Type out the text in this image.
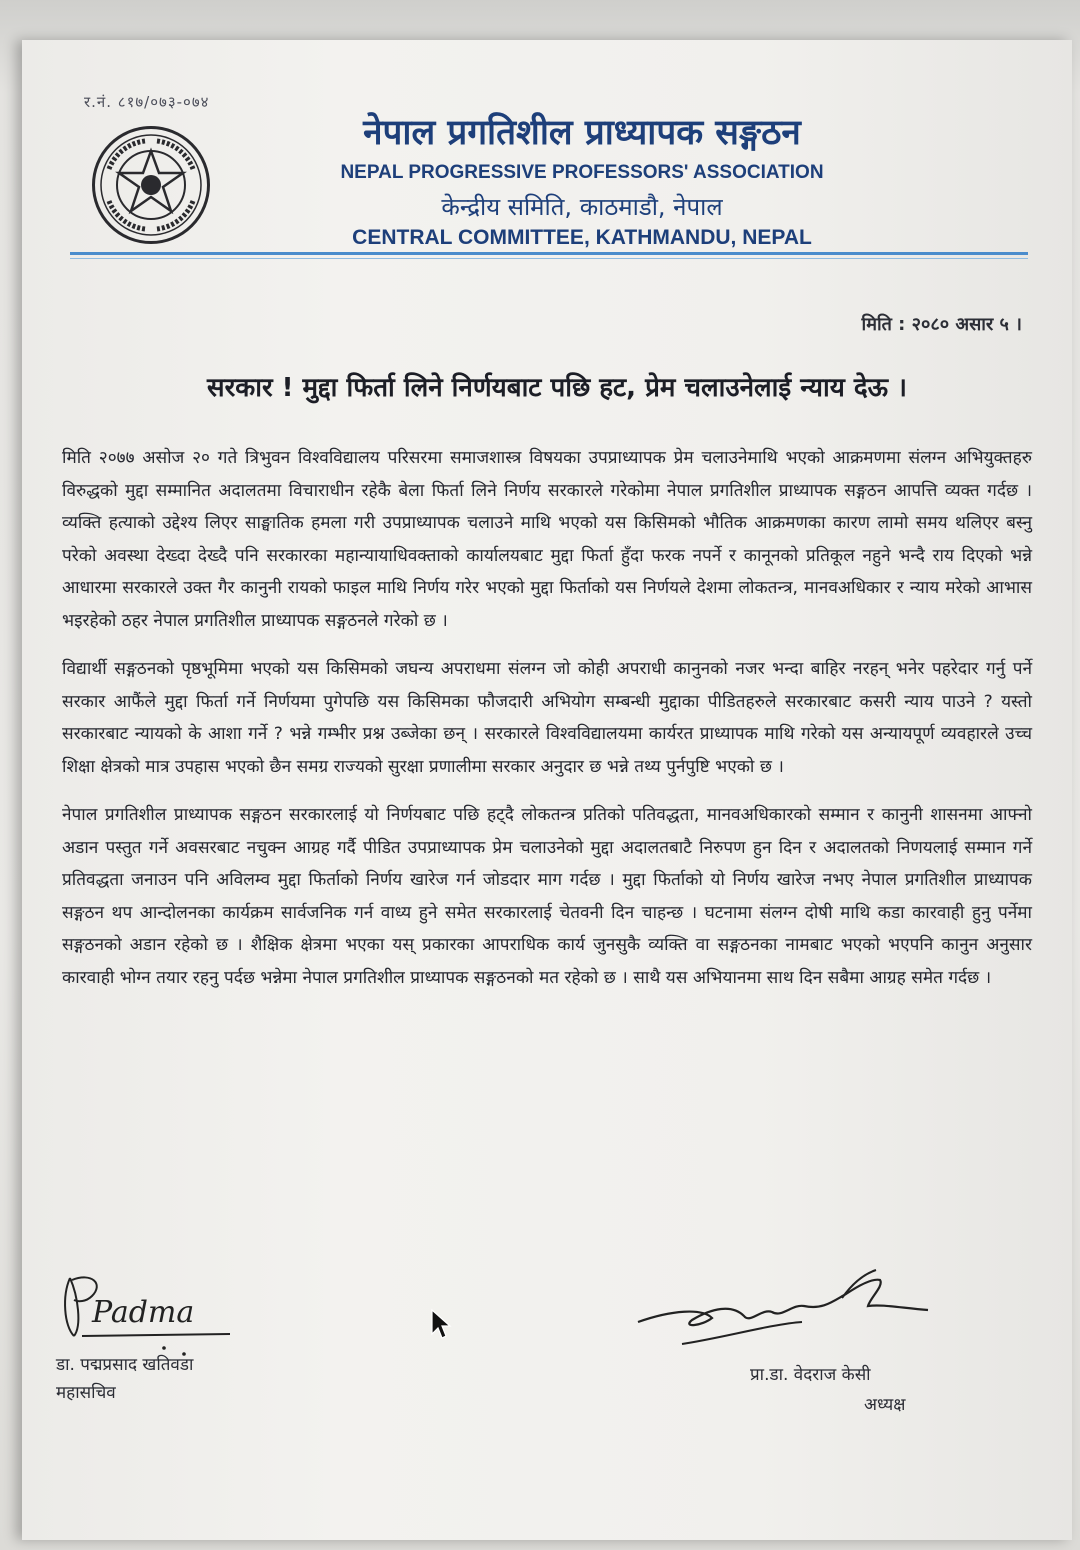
र.नं. ८१७/०७३-०७४
नेपाल प्रगतिशील प्राध्यापक सङ्गठन
NEPAL PROGRESSIVE PROFESSORS' ASSOCIATION
केन्द्रीय समिति, काठमाडौ, नेपाल
CENTRAL COMMITTEE, KATHMANDU, NEPAL
मिति : २०८० असार ५ ।
सरकार ! मुद्दा फिर्ता लिने निर्णयबाट पछि हट, प्रेम चलाउनेलाई न्याय देऊ ।

मिति २०७७ असोज २० गते त्रिभुवन विश्वविद्यालय परिसरमा समाजशास्त्र विषयका उपप्राध्यापक प्रेम चलाउनेमाथि भएको आक्रमणमा संलग्न अभियुक्तहरु विरुद्धको मुद्दा सम्मानित अदालतमा विचाराधीन रहेकै बेला फिर्ता लिने निर्णय सरकारले गरेकोमा नेपाल प्रगतिशील प्राध्यापक सङ्गठन आपत्ति व्यक्त गर्दछ । व्यक्ति हत्याको उद्देश्य लिएर साङ्घातिक हमला गरी उपप्राध्यापक चलाउने माथि भएको यस किसिमको भौतिक आक्रमणका कारण लामो समय थलिएर बस्नु परेको अवस्था देख्दा देख्दै पनि सरकारका महान्यायाधिवक्ताको कार्यालयबाट मुद्दा फिर्ता हुँदा फरक नपर्ने र कानूनको प्रतिकूल नहुने भन्दै राय दिएको भन्ने आधारमा सरकारले उक्त गैर कानुनी रायको फाइल माथि निर्णय गरेर भएको मुद्दा फिर्ताको यस निर्णयले देशमा लोकतन्त्र, मानवअधिकार र न्याय मरेको आभास भइरहेको ठहर नेपाल प्रगतिशील प्राध्यापक सङ्गठनले गरेको छ ।

विद्यार्थी सङ्गठनको पृष्ठभूमिमा भएको यस किसिमको जघन्य अपराधमा संलग्न जो कोही अपराधी कानुनको नजर भन्दा बाहिर नरहन् भनेर पहरेदार गर्नु पर्ने सरकार आफैंले मुद्दा फिर्ता गर्ने निर्णयमा पुगेपछि यस किसिमका फौजदारी अभियोग सम्बन्धी मुद्दाका पीडितहरुले सरकारबाट कसरी न्याय पाउने ? यस्तो सरकारबाट न्यायको के आशा गर्ने ? भन्ने गम्भीर प्रश्न उब्जेका छन् । सरकारले विश्वविद्यालयमा कार्यरत प्राध्यापक माथि गरेको यस अन्यायपूर्ण व्यवहारले उच्च शिक्षा क्षेत्रको मात्र उपहास भएको छैन समग्र राज्यको सुरक्षा प्रणालीमा सरकार अनुदार छ भन्ने तथ्य पुर्नपुष्टि भएको छ ।

नेपाल प्रगतिशील प्राध्यापक सङ्गठन सरकारलाई यो निर्णयबाट पछि हट्दै लोकतन्त्र प्रतिको पतिवद्धता, मानवअधिकारको सम्मान र कानुनी शासनमा आफ्नो अडान पस्तुत गर्ने अवसरबाट नचुक्न आग्रह गर्दै पीडित उपप्राध्यापक प्रेम चलाउनेको मुद्दा अदालतबाटै निरुपण हुन दिन र अदालतको निणयलाई सम्मान गर्ने प्रतिवद्धता जनाउन पनि अविलम्व मुद्दा फिर्ताको निर्णय खारेज गर्न जोडदार माग गर्दछ । मुद्दा फिर्ताको यो निर्णय खारेज नभए नेपाल प्रगतिशील प्राध्यापक सङ्गठन थप आन्दोलनका कार्यक्रम सार्वजनिक गर्न वाध्य हुने समेत सरकारलाई चेतवनी दिन चाहन्छ । घटनामा संलग्न दोषी माथि कडा कारवाही हुनु पर्नेमा सङ्गठनको अडान रहेको छ । शैक्षिक क्षेत्रमा भएका यस् प्रकारका आपराधिक कार्य जुनसुकै व्यक्ति वा सङ्गठनका नामबाट भएको भएपनि कानुन अनुसार कारवाही भोग्न तयार रहनु पर्दछ भन्नेमा नेपाल प्रगतिशील प्राध्यापक सङ्गठनको मत रहेको छ । साथै यस अभियानमा साथ दिन सबैमा आग्रह समेत गर्दछ ।

Padma
डा. पद्मप्रसाद खतिवडा
महासचिव
प्रा.डा. वेदराज केसी
अध्यक्ष
